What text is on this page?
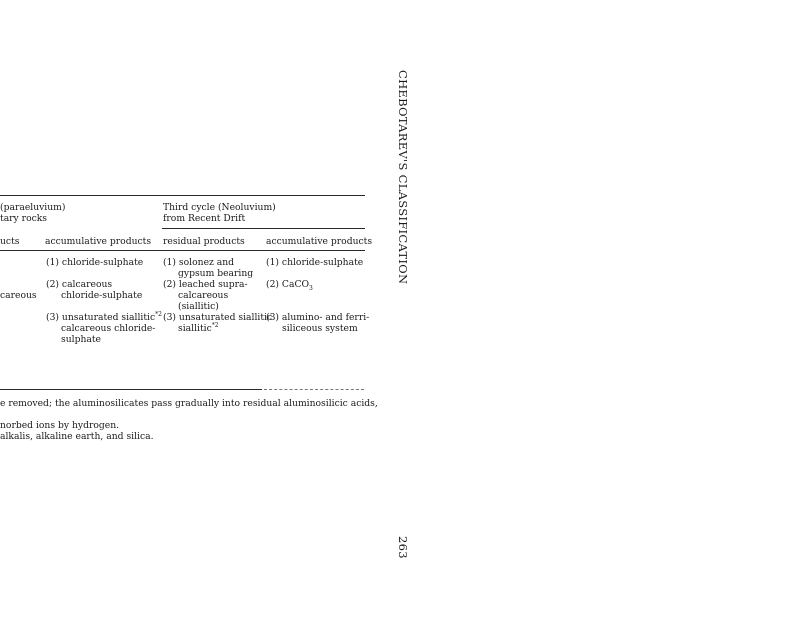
(paraeluvium)
tary rocks
Third cycle (Neoluvium)
from Recent Drift
ucts	accumulative products residual products accumulative products
careous
(1) chloride-sulphate
(2) calcareous
chloride-sulphate
(3) unsaturated siallitic$^{*2}$
calcareous chloride-
sulphate
(1) solonez and
gypsum bearing
(2) leached supra-
calcareous
(siallitic)
(3) unsaturated siallitic
siallitic$^{*2}$
(1) chloride-sulphate
(2) CaCO$_3$
(3) alumino- and ferri-
siliceous system
e removed; the aluminosilicates pass gradually into residual aluminosilicic acids,
norbed ions by hydrogen.
alkalis, alkaline earth, and silica.
CHEBOTAREV'S CLASSIFICATION
263
